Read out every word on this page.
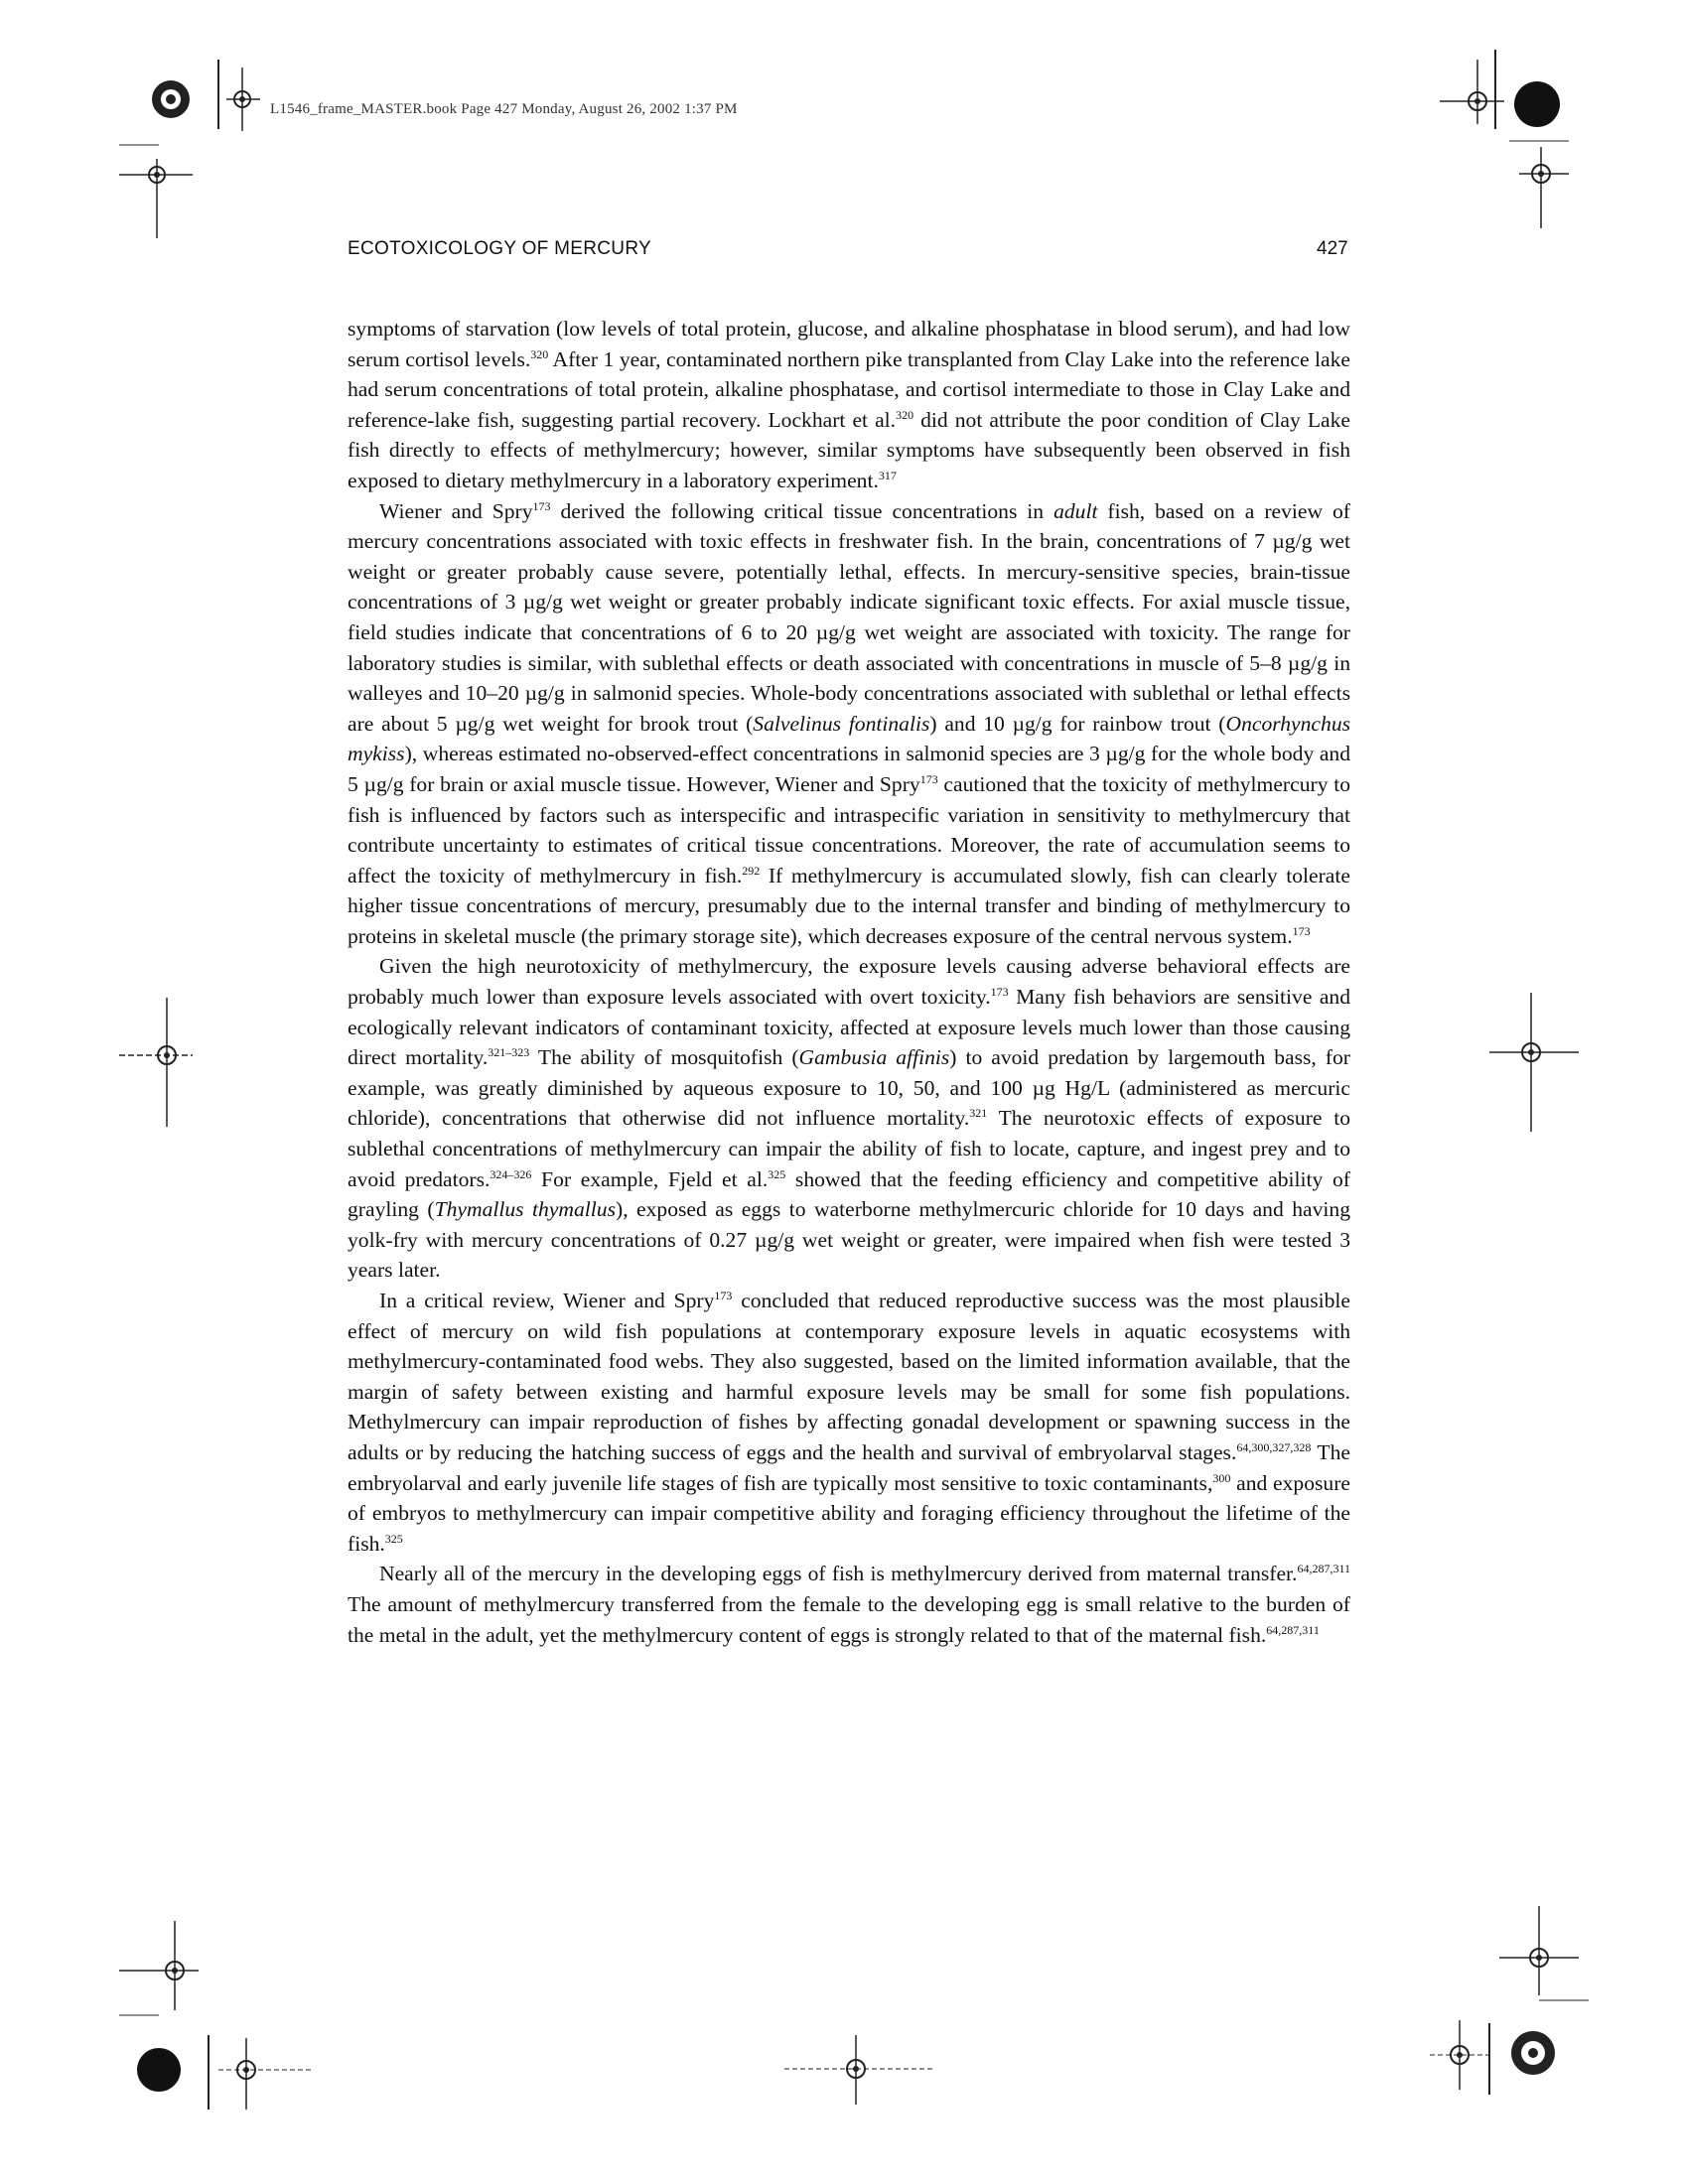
L1546_frame_MASTER.book Page 427 Monday, August 26, 2002 1:37 PM
ECOTOXICOLOGY OF MERCURY	427

symptoms of starvation (low levels of total protein, glucose, and alkaline phosphatase in blood serum), and had low serum cortisol levels.$^{320}$ After 1 year, contaminated northern pike transplanted from Clay Lake into the reference lake had serum concentrations of total protein, alkaline phosphatase, and cortisol intermediate to those in Clay Lake and reference-lake fish, suggesting partial recovery. Lockhart et al.$^{320}$ did not attribute the poor condition of Clay Lake fish directly to effects of methylmercury; however, similar symptoms have subsequently been observed in fish exposed to dietary methylmercury in a laboratory experiment.$^{317}$

Wiener and Spry$^{173}$ derived the following critical tissue concentrations in adult fish, based on a review of mercury concentrations associated with toxic effects in freshwater fish. In the brain, concentrations of 7 µg/g wet weight or greater probably cause severe, potentially lethal, effects. In mercury-sensitive species, brain-tissue concentrations of 3 µg/g wet weight or greater probably indicate significant toxic effects. For axial muscle tissue, field studies indicate that concentrations of 6 to 20 µg/g wet weight are associated with toxicity. The range for laboratory studies is similar, with sublethal effects or death associated with concentrations in muscle of 5–8 µg/g in walleyes and 10–20 µg/g in salmonid species. Whole-body concentrations associated with sublethal or lethal effects are about 5 µg/g wet weight for brook trout (Salvelinus fontinalis) and 10 µg/g for rainbow trout (Oncorhynchus mykiss), whereas estimated no-observed-effect concentrations in salmonid species are 3 µg/g for the whole body and 5 µg/g for brain or axial muscle tissue. However, Wiener and Spry$^{173}$ cautioned that the toxicity of methylmercury to fish is influenced by factors such as interspecific and intraspecific variation in sensitivity to methylmercury that contribute uncertainty to estimates of critical tissue concentrations. Moreover, the rate of accumulation seems to affect the toxicity of methylmercury in fish.$^{292}$ If methylmercury is accumulated slowly, fish can clearly tolerate higher tissue concentrations of mercury, presumably due to the internal transfer and binding of methylmercury to proteins in skeletal muscle (the primary storage site), which decreases exposure of the central nervous system.$^{173}$

Given the high neurotoxicity of methylmercury, the exposure levels causing adverse behavioral effects are probably much lower than exposure levels associated with overt toxicity.$^{173}$ Many fish behaviors are sensitive and ecologically relevant indicators of contaminant toxicity, affected at exposure levels much lower than those causing direct mortality.$^{321-323}$ The ability of mosquitofish (Gambusia affinis) to avoid predation by largemouth bass, for example, was greatly diminished by aqueous exposure to 10, 50, and 100 µg Hg/L (administered as mercuric chloride), concentrations that otherwise did not influence mortality.$^{321}$ The neurotoxic effects of exposure to sublethal concentrations of methylmercury can impair the ability of fish to locate, capture, and ingest prey and to avoid predators.$^{324-326}$ For example, Fjeld et al.$^{325}$ showed that the feeding efficiency and competitive ability of grayling (Thymallus thymallus), exposed as eggs to waterborne methylmercuric chloride for 10 days and having yolk-fry with mercury concentrations of 0.27 µg/g wet weight or greater, were impaired when fish were tested 3 years later.

In a critical review, Wiener and Spry$^{173}$ concluded that reduced reproductive success was the most plausible effect of mercury on wild fish populations at contemporary exposure levels in aquatic ecosystems with methylmercury-contaminated food webs. They also suggested, based on the limited information available, that the margin of safety between existing and harmful exposure levels may be small for some fish populations. Methylmercury can impair reproduction of fishes by affecting gonadal development or spawning success in the adults or by reducing the hatching success of eggs and the health and survival of embryolarval stages.$^{64,300,327,328}$ The embryolarval and early juvenile life stages of fish are typically most sensitive to toxic contaminants,$^{300}$ and exposure of embryos to methylmercury can impair competitive ability and foraging efficiency throughout the lifetime of the fish.$^{325}$

Nearly all of the mercury in the developing eggs of fish is methylmercury derived from maternal transfer.$^{64,287,311}$ The amount of methylmercury transferred from the female to the developing egg is small relative to the burden of the metal in the adult, yet the methylmercury content of eggs is strongly related to that of the maternal fish.$^{64,287,311}$
